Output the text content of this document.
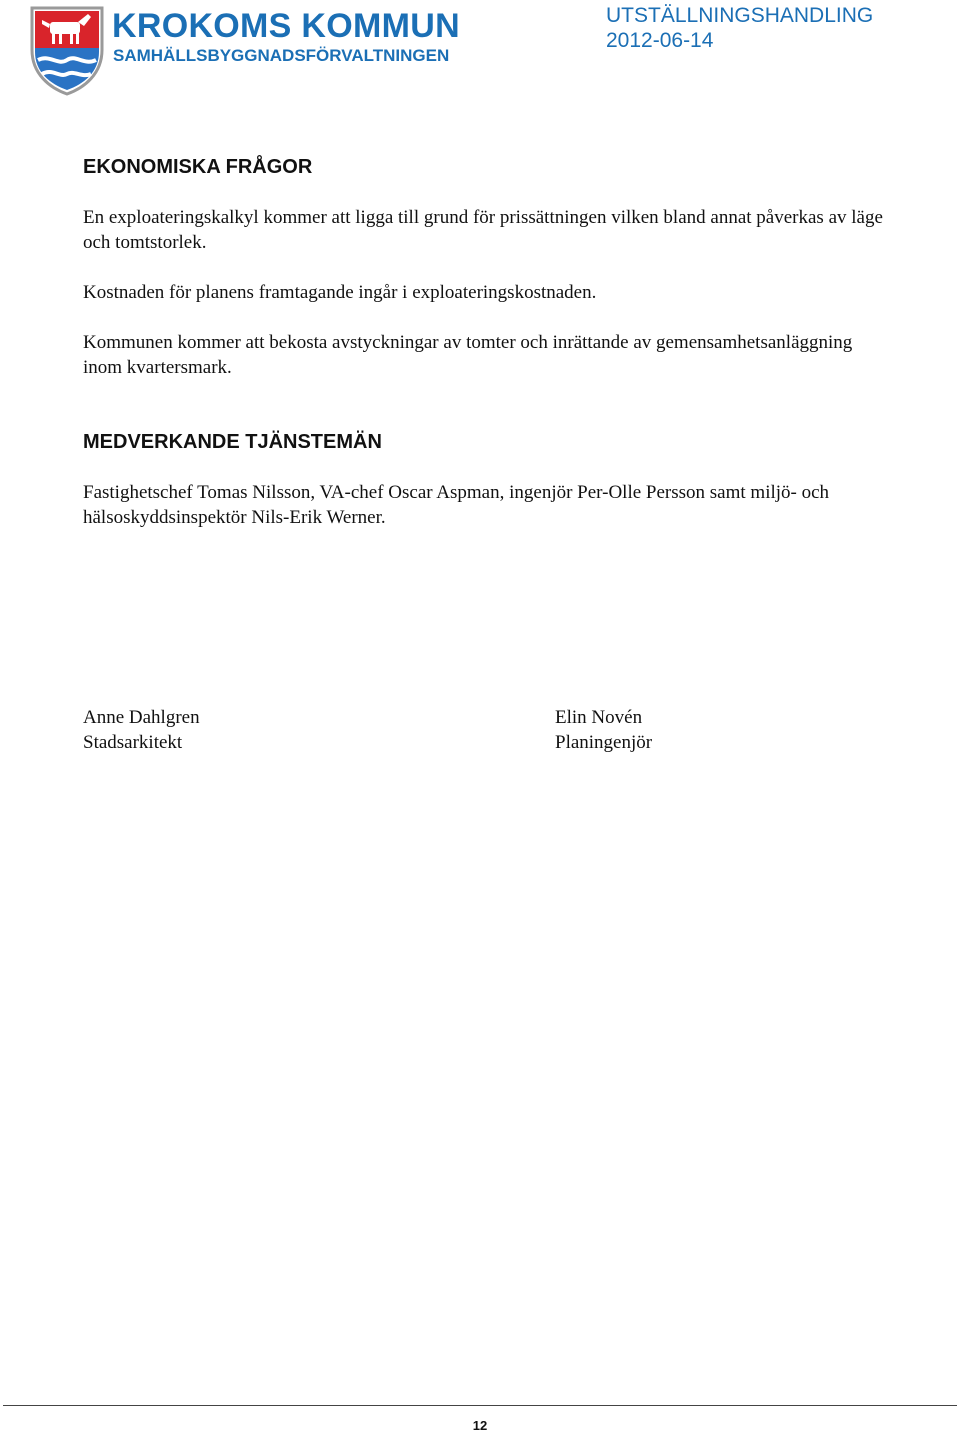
KROKOMS KOMMUN
SAMHÄLLSBYGGNADSFÖRVALTNINGEN
UTSTÄLLNINGSHANDLING
2012-06-14
EKONOMISKA FRÅGOR

En exploateringskalkyl kommer att ligga till grund för prissättningen vilken bland annat påverkas av läge och tomtstorlek.

Kostnaden för planens framtagande ingår i exploateringskostnaden.

Kommunen kommer att bekosta avstyckningar av tomter och inrättande av gemensamhetsanläggning inom kvartersmark.

MEDVERKANDE TJÄNSTEMÄN

Fastighetschef Tomas Nilsson, VA-chef Oscar Aspman, ingenjör Per-Olle Persson samt miljö- och hälsoskyddsinspektör Nils-Erik Werner.

Anne Dahlgren
Stadsarkitekt
Elin Novén
Planingenjör
12
